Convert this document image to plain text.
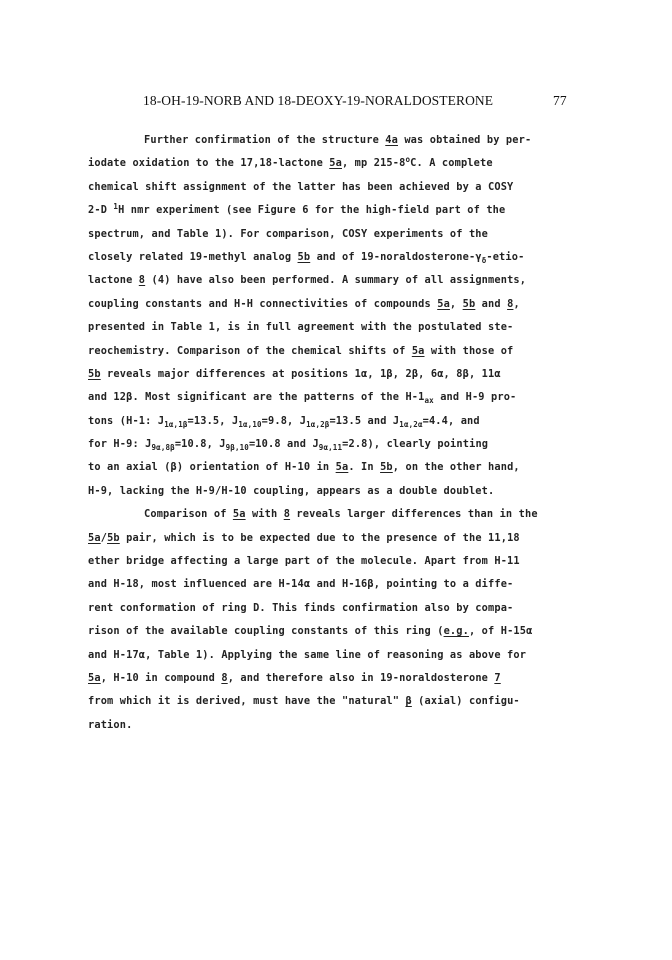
18-OH-19-NORB AND 18-DEOXY-19-NORALDOSTERONE	77
Further confirmation of the structure 4a was obtained by per-
iodate oxidation to the 17,18-lactone 5a, mp 215-8$^o$C. A complete
chemical shift assignment of the latter has been achieved by a COSY
2-D $^1$H nmr experiment (see Figure 6 for the high-field part of the
spectrum, and Table 1). For comparison, COSY experiments of the
closely related 19-methyl analog 5b and of $19-noraldosterone-\gamma_\delta-etio-$
lactone 8 (4) have also been performed. A summary of all assignments,
coupling constants and H-H connectivities of compounds 5a, 5b and 8,
presented in Table 1, is in full agreement with the postulated ste-
reochemistry. Comparison of the chemical shifts of 5a with those of
5b reveals major differences at positions 1α, 1β, 2β, 6α, 8β, 11α
and 12β. Most significant are the patterns of the $H-1_{ax}$ and H-9 pro-
tons (H-1: $J_{1\alpha,1\beta}=13.5$, $J_{1\alpha,10}=9.8$, $J_{1\alpha,2\beta}=13.5$ and $J_{1\alpha,2\alpha}=4.4$, and
for H-9: $J_{9\alpha,8\beta}=10.8$, $J_{9\beta,10}=10.8$ and $J_{9\alpha,11}=2.8$), clearly pointing
to an axial (β) orientation of H-10 in 5a. In 5b, on the other hand,
H-9, lacking the H-9/H-10 coupling, appears as a double doublet.
Comparison of 5a with 8 reveals larger differences than in the
5a/5b pair, which is to be expected due to the presence of the 11,18
ether bridge affecting a large part of the molecule. Apart from H-11
and H-18, most influenced are H-14α and H-16β, pointing to a diffe-
rent conformation of ring D. This finds confirmation also by compa-
rison of the available coupling constants of this ring (e.g., of H-15α
and H-17α, Table 1). Applying the same line of reasoning as above for
5a, H-10 in compound 8, and therefore also in 19-noraldosterone 7
from which it is derived, must have the "natural" β (axial) configu-
ration.
